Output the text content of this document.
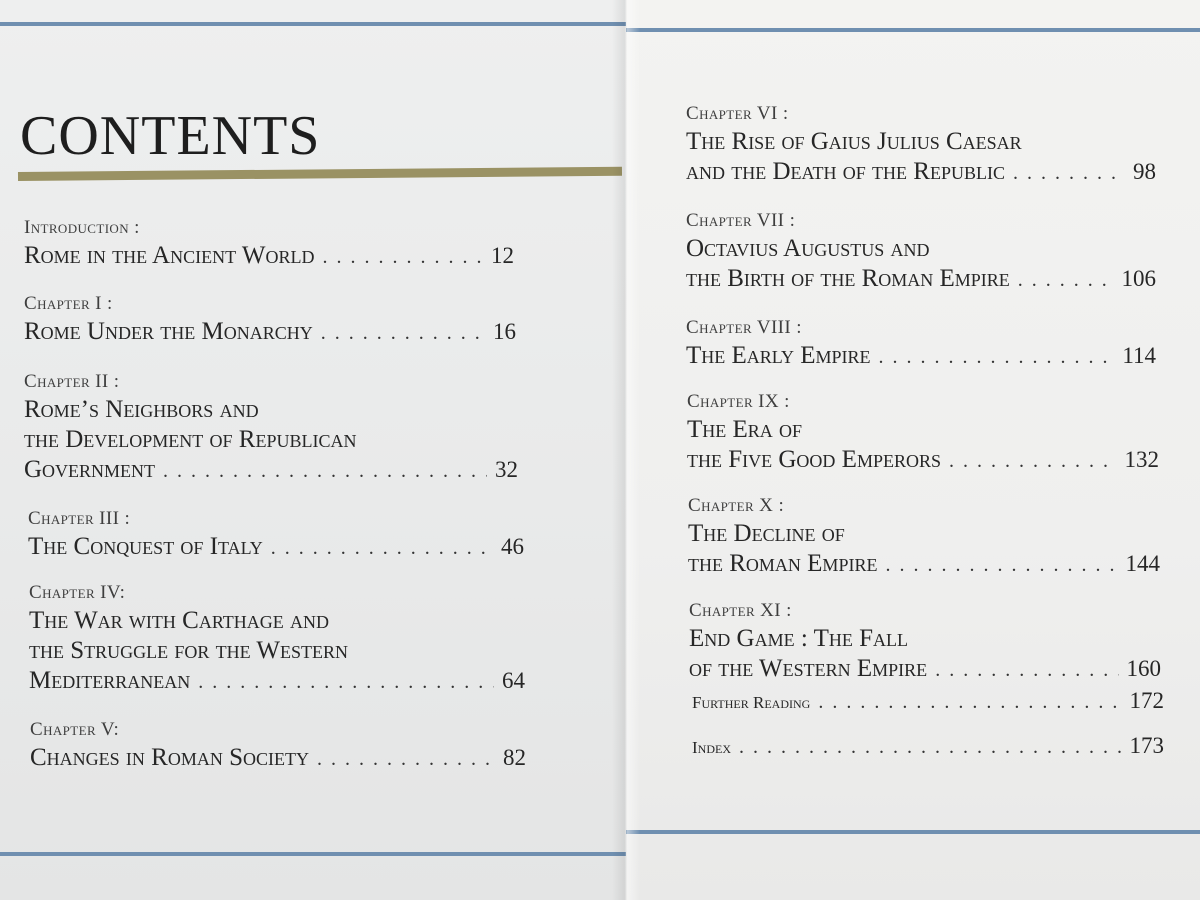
CONTENTS
Introduction :
Rome in the Ancient World . . .	12
Chapter I :
Rome Under the Monarchy . . .	16
Chapter II :
Rome’s Neighbors and
the Development of Republican
Government . . .	32
Chapter III :
The Conquest of Italy . . .	46
Chapter IV:
The War with Carthage and
the Struggle for the Western
Mediterranean . . .	64
Chapter V:
Changes in Roman Society . . .	82
Chapter VI :
The Rise of Gaius Julius Caesar
and the Death of the Republic . . .	98
Chapter VII :
Octavius Augustus and
the Birth of the Roman Empire . . .	106
Chapter VIII :
The Early Empire . . .	114
Chapter IX :
The Era of
the Five Good Emperors . . .	132
Chapter X :
The Decline of
the Roman Empire . . .	144
Chapter XI :
End Game : The Fall
of the Western Empire . . .	160
Further Reading . . .	172
Index . . .	173
